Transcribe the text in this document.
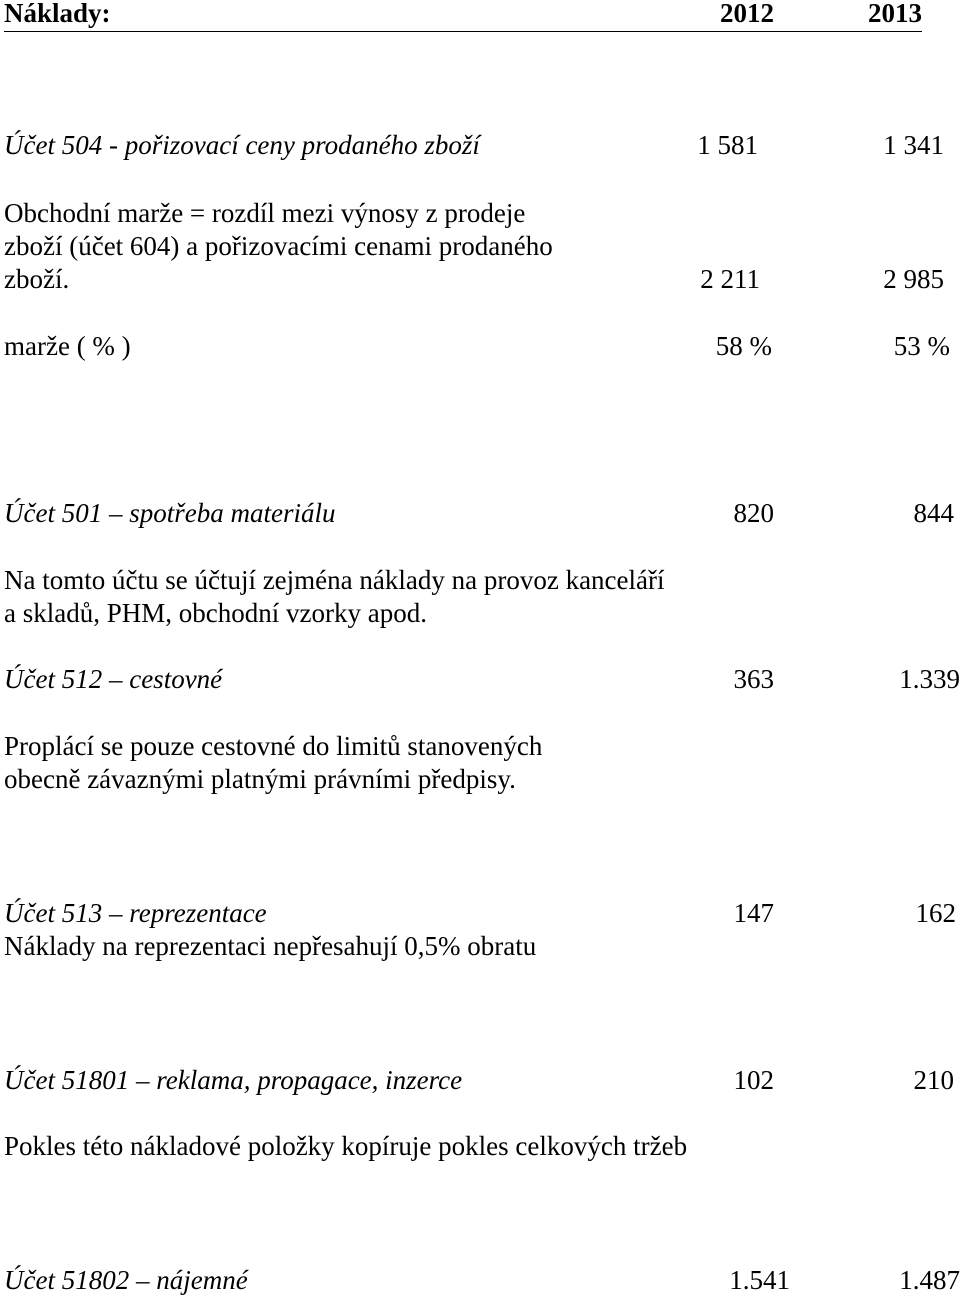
Náklady:	2012	2013
Účet 504 - pořizovací ceny prodaného zboží	1 581	1 341
Obchodní marže = rozdíl mezi výnosy z prodeje
zboží (účet 604) a pořizovacími cenami prodaného
zboží.	2 211	2 985
marže ( % )	58 %	53 %
Účet 501 – spotřeba materiálu	820	844
Na tomto účtu se účtují zejména náklady na provoz kanceláří
a skladů, PHM, obchodní vzorky apod.
Účet 512 – cestovné	363	1.339
Proplácí se pouze cestovné do limitů stanovených
obecně závaznými platnými právními předpisy.
Účet 513 – reprezentace	147	162
Náklady na reprezentaci nepřesahují 0,5% obratu
Účet 51801 – reklama, propagace, inzerce	102	210
Pokles této nákladové položky kopíruje pokles celkových tržeb
Účet 51802 – nájemné	1.541	1.487
